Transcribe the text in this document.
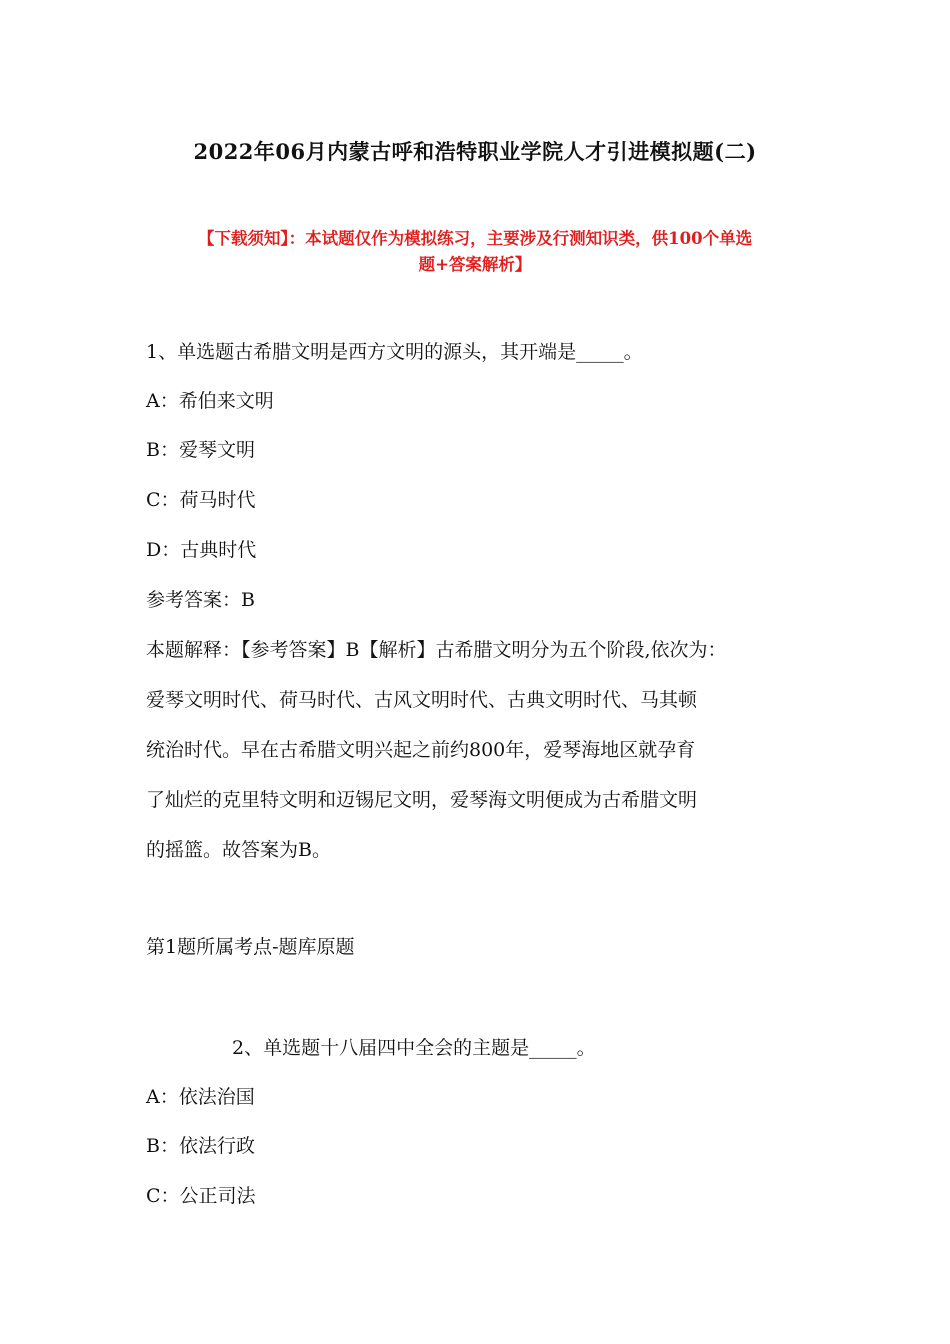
2022年06月内蒙古呼和浩特职业学院人才引进模拟题(二)
【下载须知】：本试题仅作为模拟练习，主要涉及行测知识类，供100个单选
题+答案解析】
1、单选题古希腊文明是西方文明的源头，其开端是_____。
A：希伯来文明
B：爱琴文明
C：荷马时代
D：古典时代
参考答案：B

本题解释：【参考答案】B【解析】古希腊文明分为五个阶段,依次为：

爱琴文明时代、荷马时代、古风文明时代、古典文明时代、马其顿

统治时代。早在古希腊文明兴起之前约800年，爱琴海地区就孕育

了灿烂的克里特文明和迈锡尼文明，爱琴海文明便成为古希腊文明

的摇篮。故答案为B。

第1题所属考点-题库原题
2、单选题十八届四中全会的主题是_____。
A：依法治国
B：依法行政
C：公正司法
